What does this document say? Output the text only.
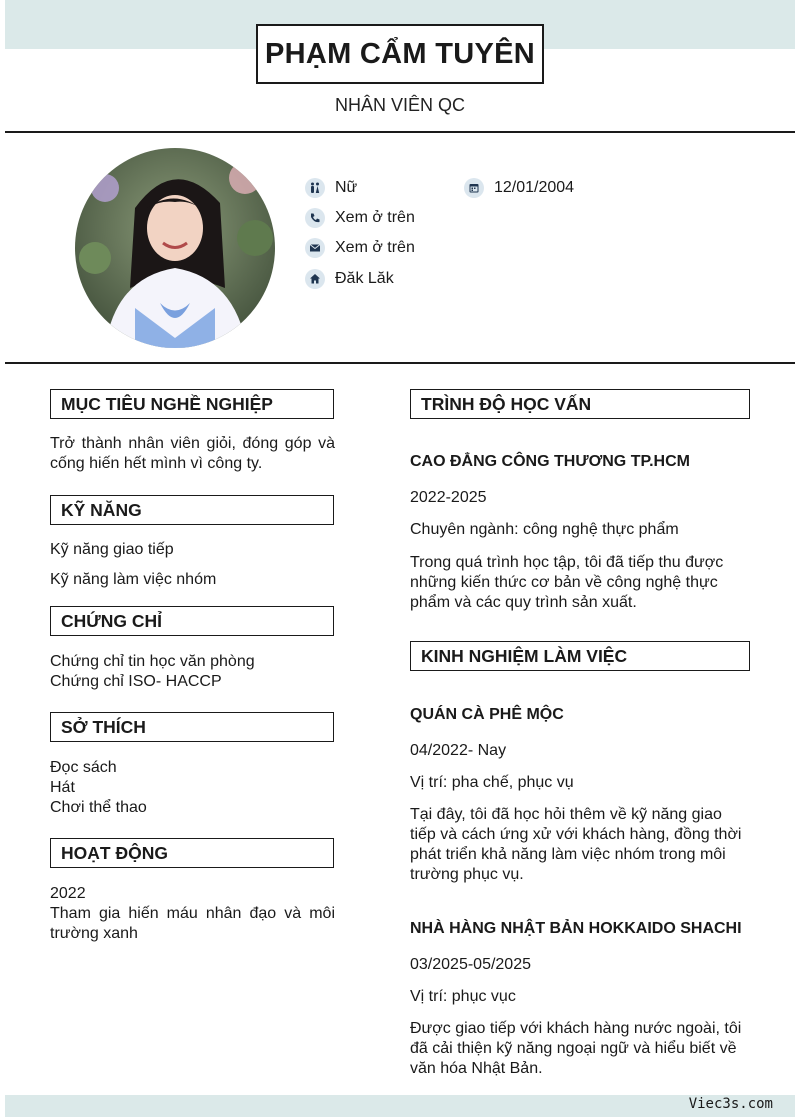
PHẠM CẨM TUYÊN
NHÂN VIÊN QC
Nữ	12/01/2004
Xem ở trên
Xem ở trên
Đăk Lăk
MỤC TIÊU NGHỀ NGHIỆP
Trở thành nhân viên giỏi, đóng góp và cống hiến hết mình vì công ty.
KỸ NĂNG
Kỹ năng giao tiếp
Kỹ năng làm việc nhóm
CHỨNG CHỈ
Chứng chỉ tin học văn phòng
Chứng chỉ ISO- HACCP
SỞ THÍCH
Đọc sách
Hát
Chơi thể thao
HOẠT ĐỘNG
2022
Tham gia hiến máu nhân đạo và môi trường xanh
TRÌNH ĐỘ HỌC VẤN
CAO ĐẲNG CÔNG THƯƠNG TP.HCM
2022-2025
Chuyên ngành: công nghệ thực phẩm
Trong quá trình học tập, tôi đã tiếp thu được những kiến thức cơ bản về công nghệ thực phẩm và các quy trình sản xuất.
KINH NGHIỆM LÀM VIỆC
QUÁN CÀ PHÊ MỘC
04/2022- Nay
Vị trí: pha chế, phục vụ
Tại đây, tôi đã học hỏi thêm về kỹ năng giao tiếp và cách ứng xử với khách hàng, đồng thời phát triển khả năng làm việc nhóm trong môi trường phục vụ.
NHÀ HÀNG NHẬT BẢN HOKKAIDO SHACHI
03/2025-05/2025
Vị trí: phục vục
Được giao tiếp với khách hàng nước ngoài, tôi đã cải thiện kỹ năng ngoại ngữ và hiểu biết về văn hóa Nhật Bản.
Viec3s.com
